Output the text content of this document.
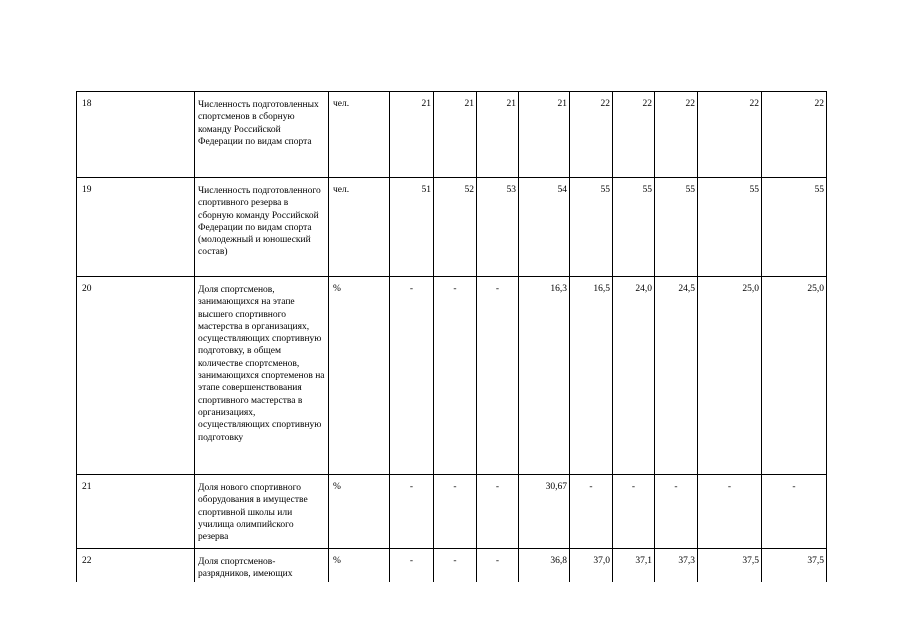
18	Численность подготовленных спортсменов в сборную команду Российской Федерации по видам спорта	чел.	21	21	21	21	22	22	22	22	22
19	Численность подготовленного спортивного резерва в сборную команду Российской Федерации по видам спорта (молодежный и юношеский состав)	чел.	51	52	53	54	55	55	55	55	55
20	Доля спортсменов, занимающихся на этапе высшего спортивного мастерства в организациях, осуществляющих спортивную подготовку, в общем количестве спортсменов, занимающихся спортеменов на этапе совершенствования спортивного мастерства в организациях, осуществляющих спортивную подготовку	%	-	-	-	16,3	16,5	24,0	24,5	25,0	25,0
21	Доля нового спортивного оборудования в имуществе спортивной школы или училища олимпийского резерва	%	-	-	-	30,67	-	-	-	-	-
22	Доля спортсменов-разрядников, имеющих	%	-	-	-	36,8	37,0	37,1	37,3	37,5	37,5
